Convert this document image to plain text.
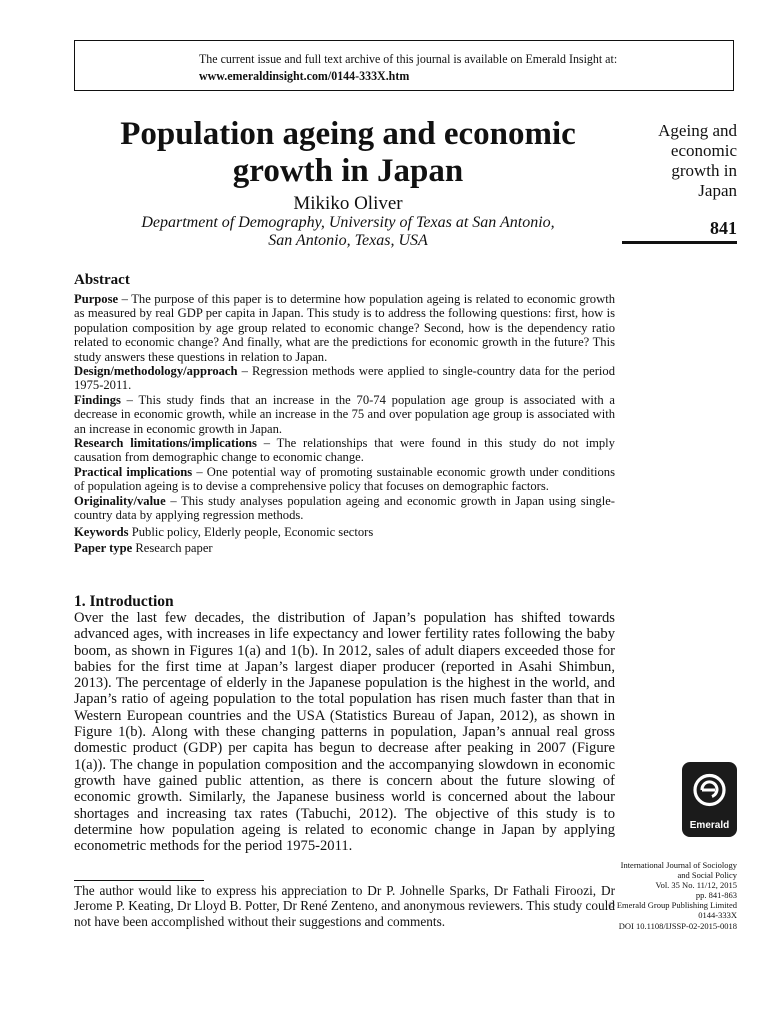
The current issue and full text archive of this journal is available on Emerald Insight at:
www.emeraldinsight.com/0144-333X.htm
Population ageing and economic
growth in Japan
Mikiko Oliver
Department of Demography, University of Texas at San Antonio,
San Antonio, Texas, USA
Ageing and
economic
growth in
Japan
841
Abstract

Purpose – The purpose of this paper is to determine how population ageing is related to economic growth as measured by real GDP per capita in Japan. This study is to address the following questions: first, how is population composition by age group related to economic change? Second, how is the dependency ratio related to economic change? And finally, what are the predictions for economic growth in the future? This study answers these questions in relation to Japan.

Design/methodology/approach – Regression methods were applied to single-country data for the period 1975-2011.

Findings – This study finds that an increase in the 70-74 population age group is associated with a decrease in economic growth, while an increase in the 75 and over population age group is associated with an increase in economic growth in Japan.

Research limitations/implications – The relationships that were found in this study do not imply causation from demographic change to economic change.

Practical implications – One potential way of promoting sustainable economic growth under conditions of population ageing is to devise a comprehensive policy that focuses on demographic factors.

Originality/value – This study analyses population ageing and economic growth in Japan using single-country data by applying regression methods.

Keywords Public policy, Elderly people, Economic sectors
Paper type Research paper
1. Introduction

Over the last few decades, the distribution of Japan’s population has shifted towards advanced ages, with increases in life expectancy and lower fertility rates following the baby boom, as shown in Figures 1(a) and 1(b). In 2012, sales of adult diapers exceeded those for babies for the first time at Japan’s largest diaper producer (reported in Asahi Shimbun, 2013). The percentage of elderly in the Japanese population is the highest in the world, and Japan’s ratio of ageing population to the total population has risen much faster than that in Western European countries and the USA (Statistics Bureau of Japan, 2012), as shown in Figure 1(b). Along with these changing patterns in population, Japan’s annual real gross domestic product (GDP) per capita has begun to decrease after peaking in 2007 (Figure 1(a)). The change in population composition and the accompanying slowdown in economic growth have gained public attention, as there is concern about the future slowing of economic growth. Similarly, the Japanese business world is concerned about the labour shortages and increasing tax rates (Tabuchi, 2012). The objective of this study is to determine how population ageing is related to economic change in Japan by applying econometric methods for the period 1975-2011.

The author would like to express his appreciation to Dr P. Johnelle Sparks, Dr Fathali Firoozi, Dr Jerome P. Keating, Dr Lloyd B. Potter, Dr René Zenteno, and anonymous reviewers. This study could not have been accomplished without their suggestions and comments.

Emerald
International Journal of Sociology
and Social Policy
Vol. 35 No. 11/12, 2015
pp. 841-863
© Emerald Group Publishing Limited
0144-333X
DOI 10.1108/IJSSP-02-2015-0018
